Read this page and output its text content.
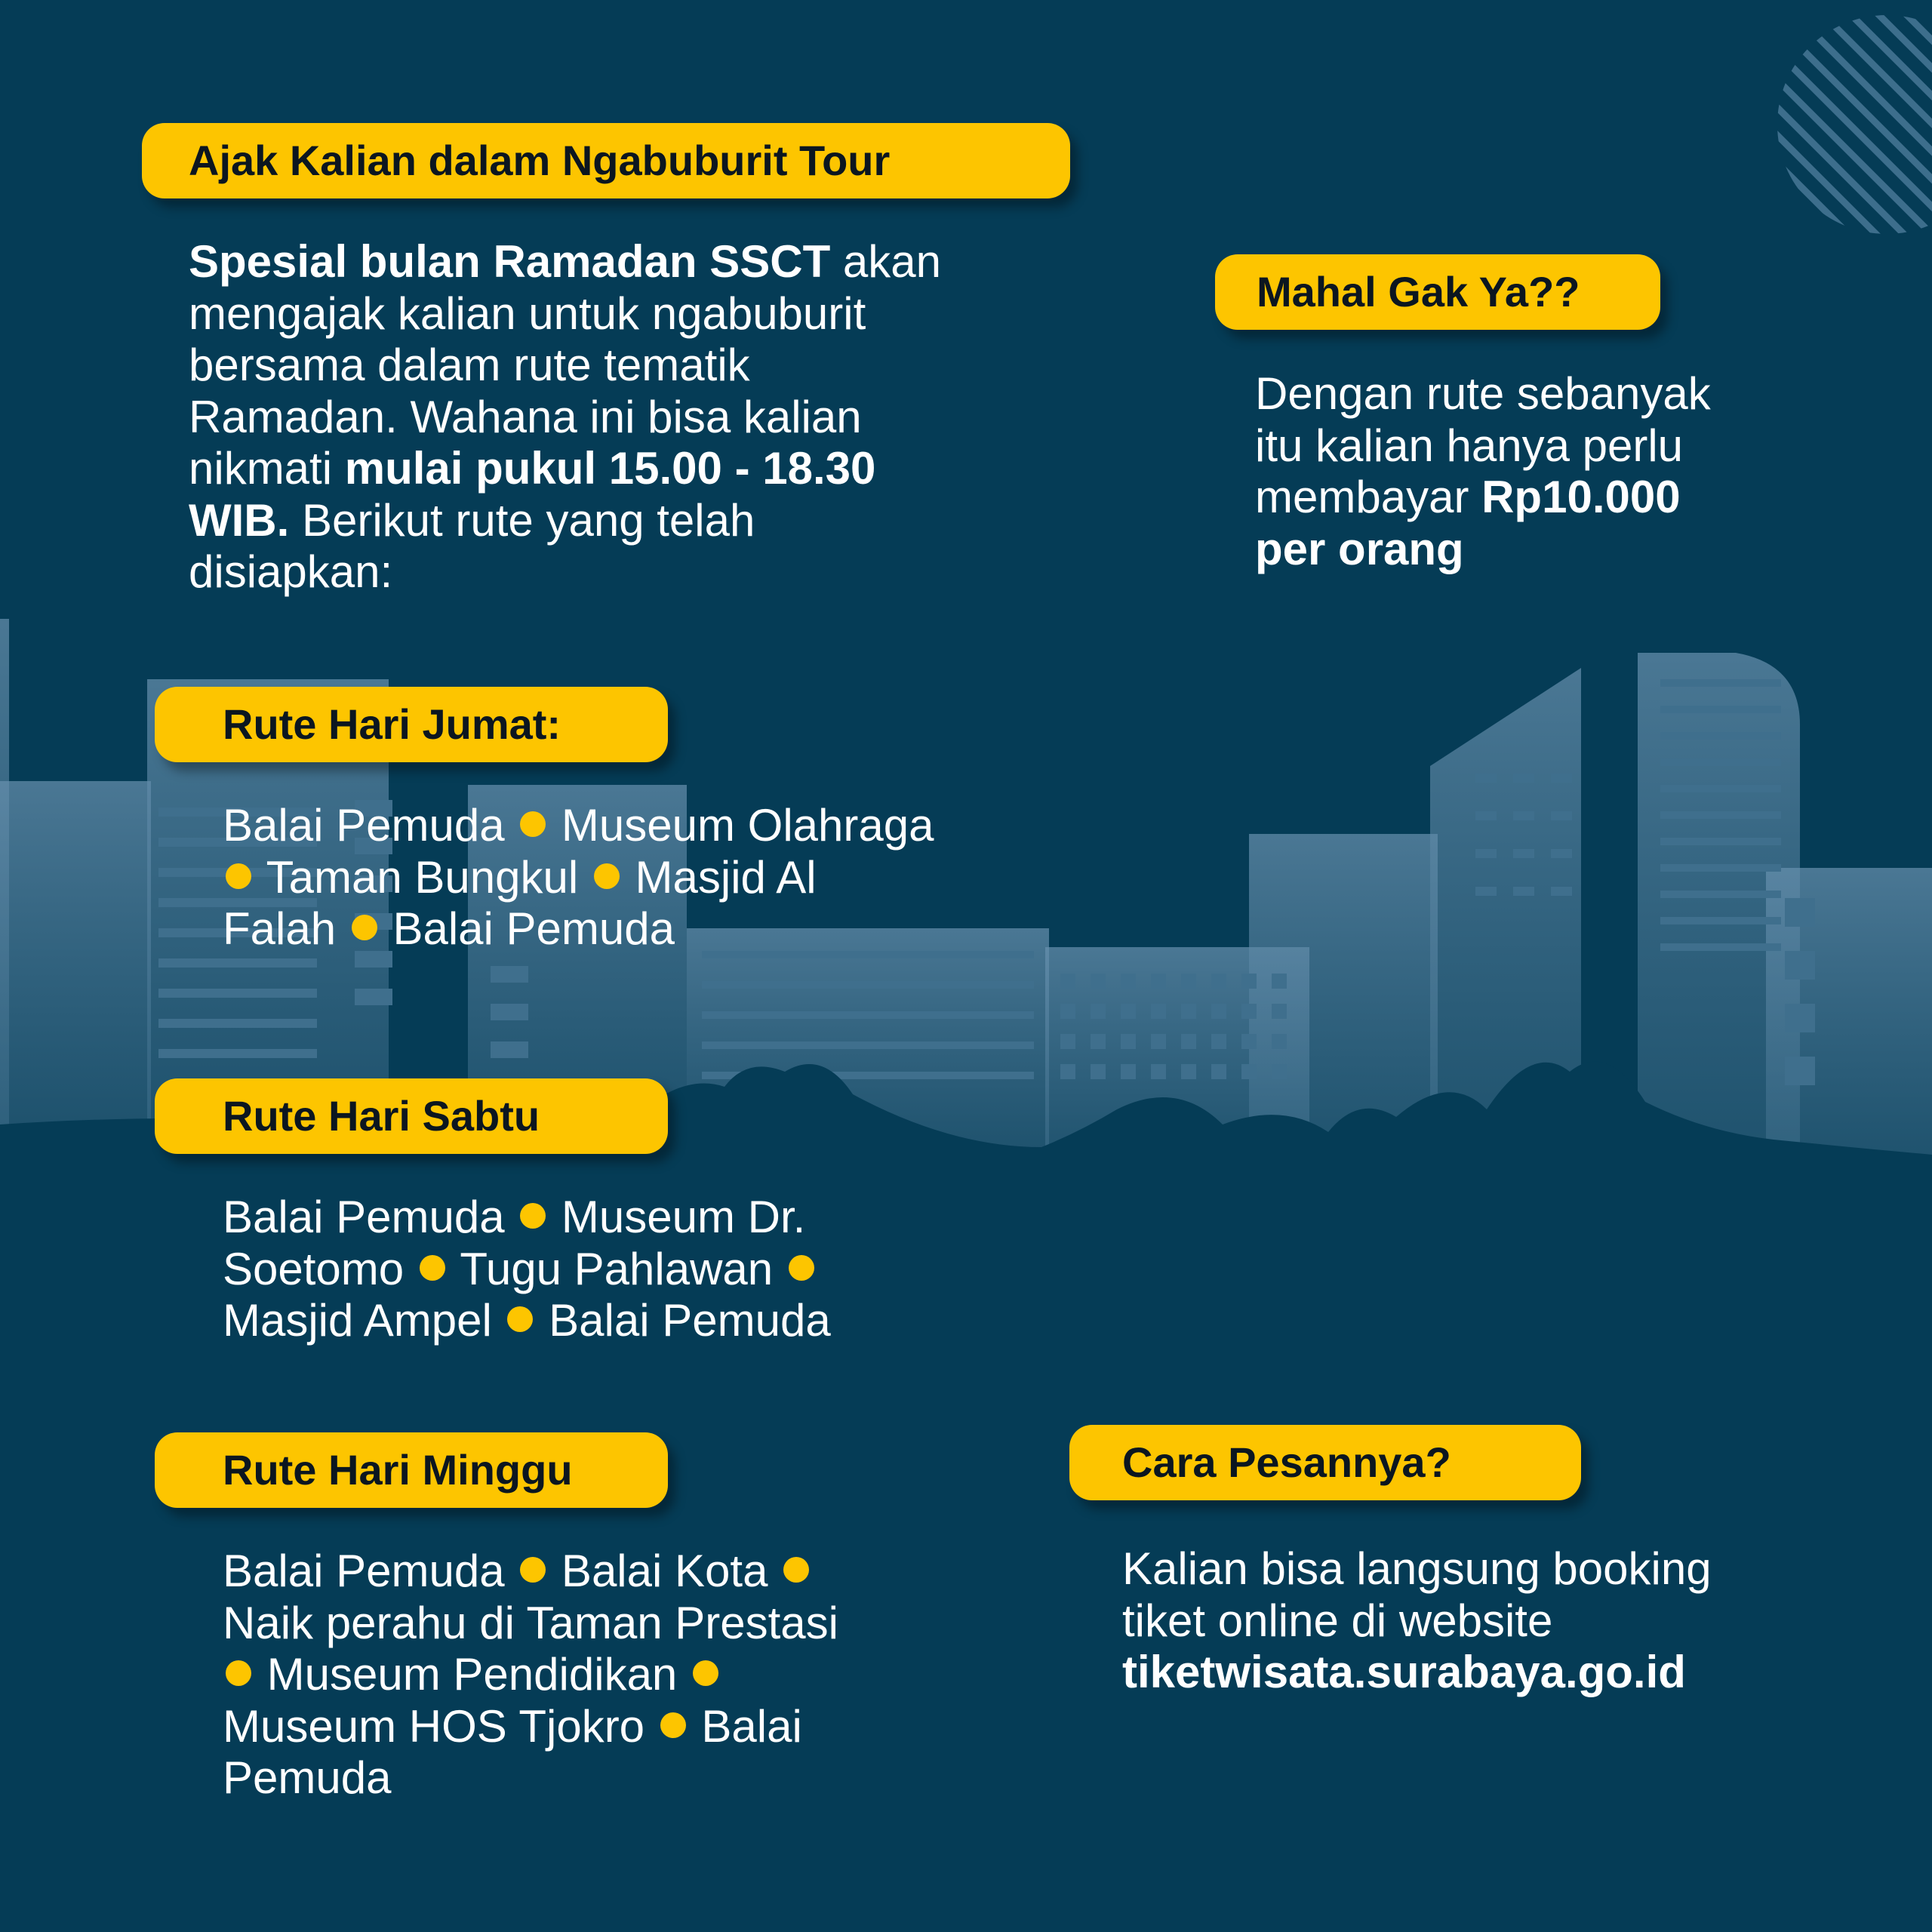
Ajak Kalian dalam Ngabuburit Tour
Spesial bulan Ramadan SSCT akan
mengajak kalian untuk ngabuburit
bersama dalam rute tematik
Ramadan. Wahana ini bisa kalian
nikmati mulai pukul 15.00 - 18.30
WIB. Berikut rute yang telah
disiapkan:
Mahal Gak Ya??
Dengan rute sebanyak
itu kalian hanya perlu
membayar Rp10.000
per orang
Rute Hari Jumat:
Balai Pemuda Museum Olahraga
Taman Bungkul Masjid Al
Falah Balai Pemuda
Rute Hari Sabtu
Balai Pemuda Museum Dr.
Soetomo Tugu Pahlawan
Masjid Ampel Balai Pemuda
Rute Hari Minggu
Balai Pemuda Balai Kota
Naik perahu di Taman Prestasi
Museum Pendidikan
Museum HOS Tjokro Balai
Pemuda
Cara Pesannya?
Kalian bisa langsung booking
tiket online di website
tiketwisata.surabaya.go.id
